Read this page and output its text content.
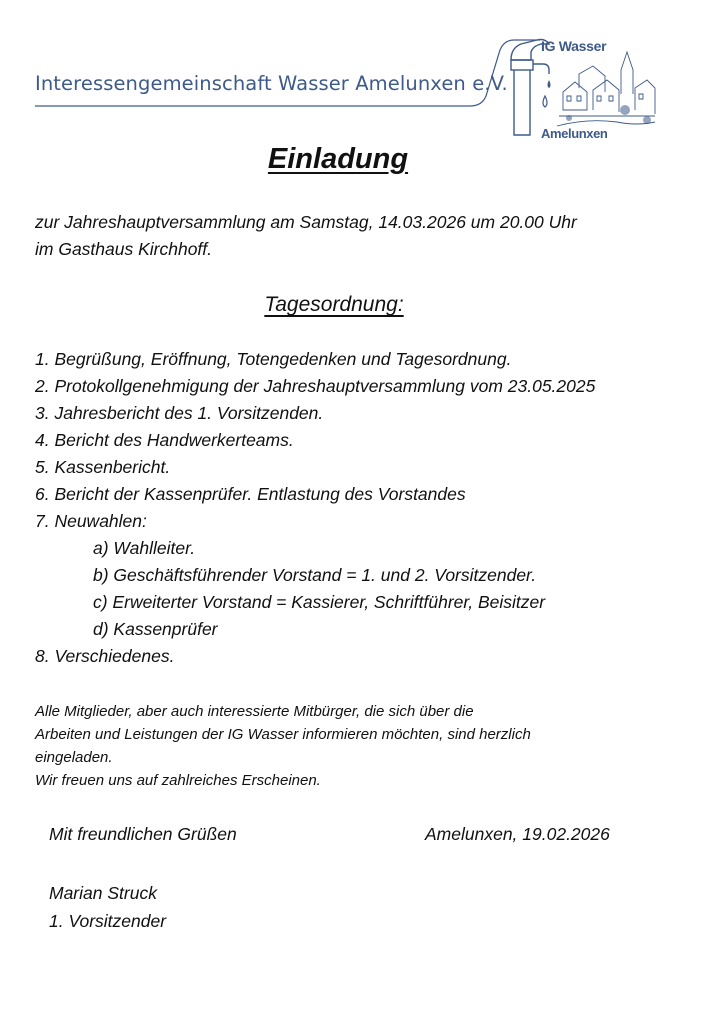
Interessengemeinschaft Wasser Amelunxen e.V.
IG Wasser
Amelunxen
Einladung
zur Jahreshauptversammlung am Samstag, 14.03.2026 um 20.00 Uhr
im Gasthaus Kirchhoff.
Tagesordnung:
1. Begrüßung, Eröffnung, Totengedenken und Tagesordnung.
2. Protokollgenehmigung der Jahreshauptversammlung vom 23.05.2025
3. Jahresbericht des 1. Vorsitzenden.
4. Bericht des Handwerkerteams.
5. Kassenbericht.
6. Bericht der Kassenprüfer. Entlastung des Vorstandes
7. Neuwahlen:
a) Wahlleiter.
b) Geschäftsführender Vorstand = 1. und 2. Vorsitzender.
c) Erweiterter Vorstand = Kassierer, Schriftführer, Beisitzer
d) Kassenprüfer
8. Verschiedenes.
Alle Mitglieder, aber auch interessierte Mitbürger, die sich über die
Arbeiten und Leistungen der IG Wasser informieren möchten, sind herzlich
eingeladen.
Wir freuen uns auf zahlreiches Erscheinen.
Mit freundlichen Grüßen	Amelunxen, 19.02.2026
Marian Struck
1. Vorsitzender
